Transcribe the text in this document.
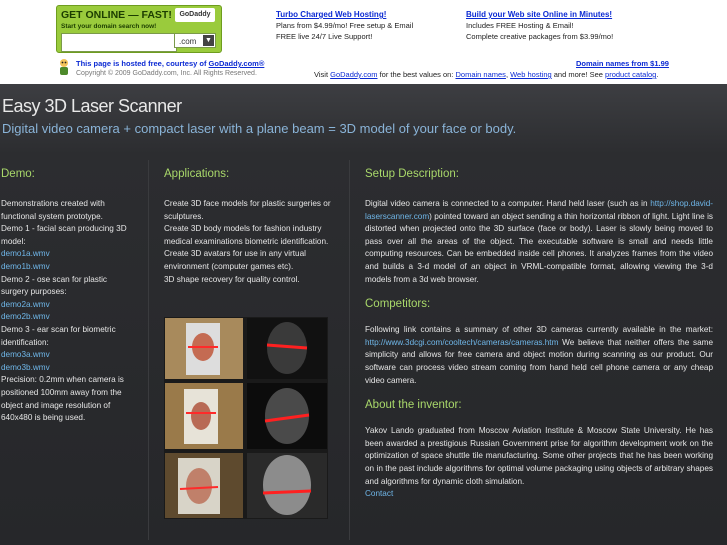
GET ONLINE — FAST!	GoDaddy
Start your domain search now!
.com ▼
Turbo Charged Web Hosting!
Plans from $4.99/mo! Free setup & Email
FREE live 24/7 Live Support!
Build your Web site Online in Minutes!
Includes FREE Hosting & Email!
Complete creative packages from $3.99/mo!
This page is hosted free, courtesy of GoDaddy.com®
Copyright © 2009 GoDaddy.com, Inc. All Rights Reserved.
Domain names from $1.99
Visit GoDaddy.com for the best values on: Domain names, Web hosting and more! See product catalog.
Easy 3D Laser Scanner
Digital video camera + compact laser with a plane beam = 3D model of your face or body.
Demo:
Demonstrations created with functional system prototype.
Demo 1 - facial scan producing 3D model:
demo1a.wmv
demo1b.wmv
Demo 2 - ose scan for plastic surgery purposes:
demo2a.wmv
demo2b.wmv
Demo 3 - ear scan for biometric identification:
demo3a.wmv
demo3b.wmv
Precision: 0.2mm when camera is positioned 100mm away from the object and image resolution of 640x480 is being used.
Applications:
Create 3D face models for plastic surgeries or sculptures.
Create 3D body models for fashion industry medical examinations biometric identification.
Create 3D avatars for use in any virtual environment (computer games etc).
3D shape recovery for quality control.
Setup Description:
Digital video camera is connected to a computer. Hand held laser (such as in http://shop.david-laserscanner.com) pointed toward an object sending a thin horizontal ribbon of light. Light line is distorted when projected onto the 3D surface (face or body). Laser is slowly being moved to pass over all the areas of the object. The executable software is small and needs little computing resources. Can be embedded inside cell phones. It analyzes frames from the video and builds a 3-d model of an object in VRML-compatible format, allowing viewing the 3-d models from a 3d web browser.
Competitors:
Following link contains a summary of other 3D cameras currently available in the market: http://www.3dcgi.com/cooltech/cameras/cameras.htm We believe that neither offers the same simplicity and allows for free camera and object motion during scanning as our product. Our software can process video stream coming from hand held cell phone camera or any cheap video camera.
About the inventor:
Yakov Lando graduated from Moscow Aviation Institute & Moscow State University. He has been awarded a prestigious Russian Government prise for algorithm development work on the optimization of space shuttle tile manufacturing. Some other projects that he has been working on in the past include algorithms for optimal volume packaging using objects of arbitrary shapes and algorithms for dynamic cloth simulation.
Contact
